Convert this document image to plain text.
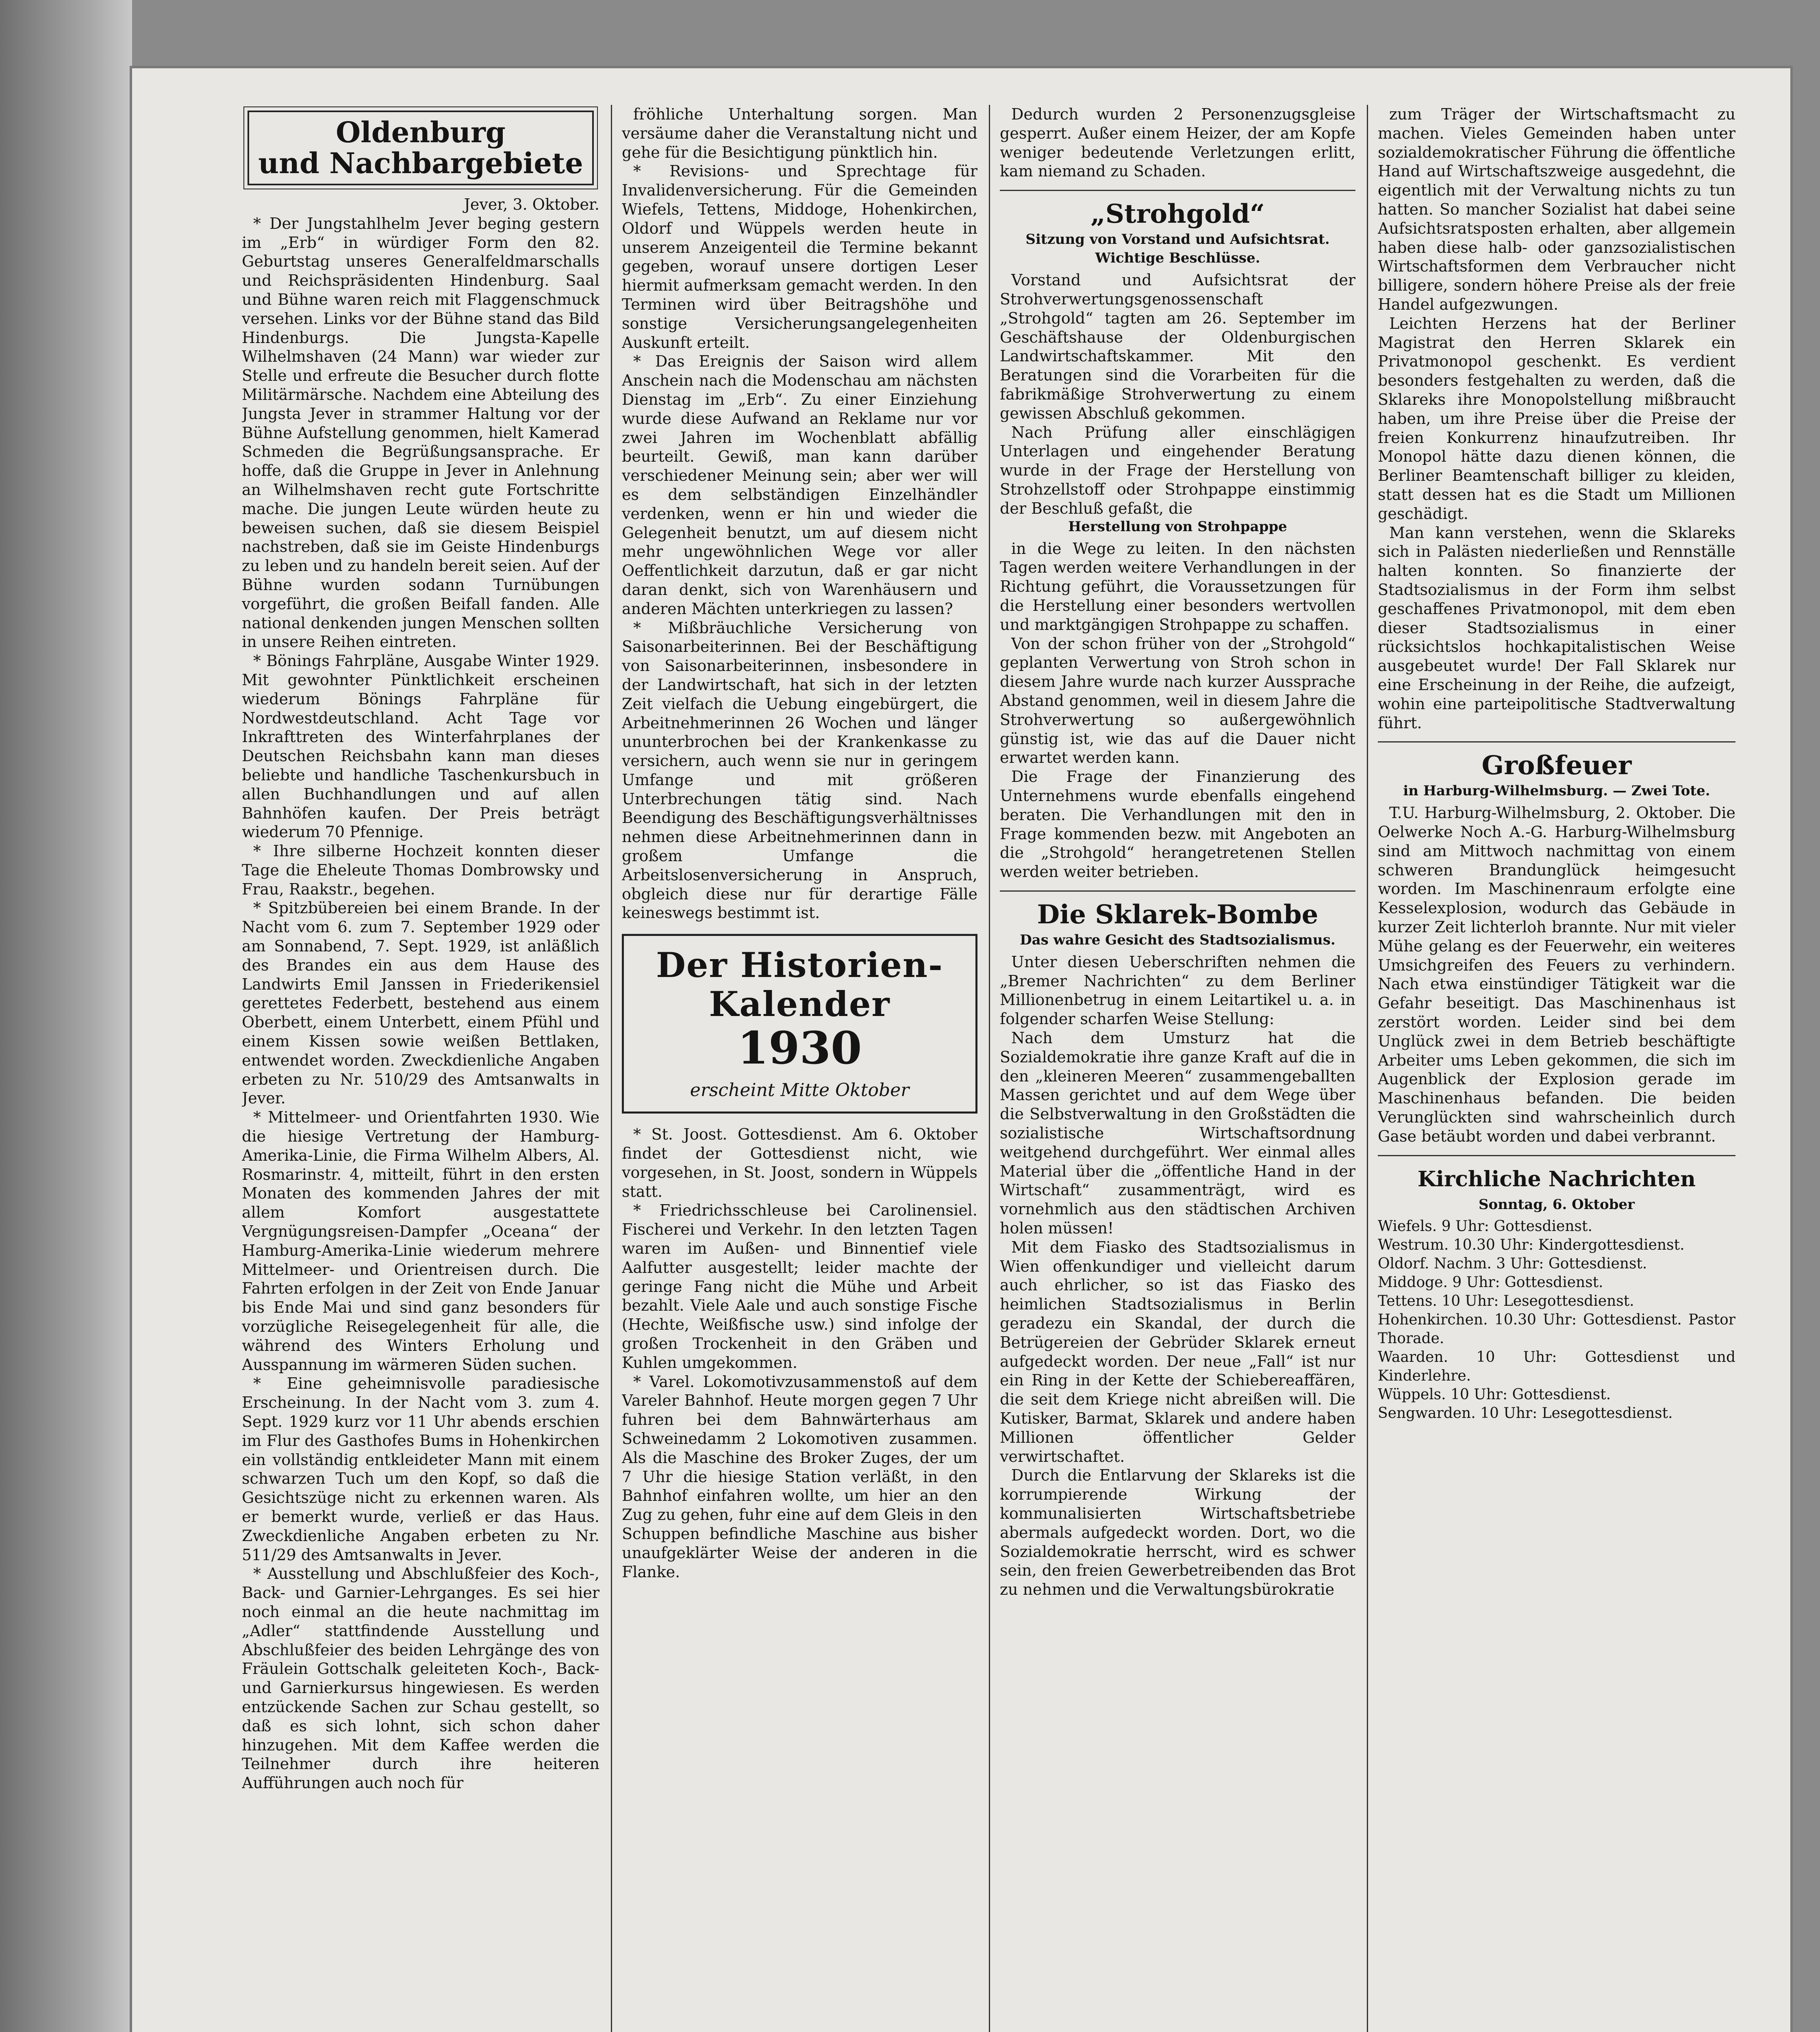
Oldenburg
und Nachbargebiete

Jever, 3. Oktober.

* Der Jungstahlhelm Jever beging gestern im „Erb“ in würdiger Form den 82. Geburtstag unseres Generalfeldmarschalls und Reichspräsidenten Hindenburg. Saal und Bühne waren reich mit Flaggenschmuck versehen. Links vor der Bühne stand das Bild Hindenburgs. Die Jungsta-Kapelle Wilhelmshaven (24 Mann) war wieder zur Stelle und erfreute die Besucher durch flotte Militärmärsche. Nachdem eine Abteilung des Jungsta Jever in strammer Haltung vor der Bühne Aufstellung genommen, hielt Kamerad Schmeden die Begrüßungsansprache. Er hoffe, daß die Gruppe in Jever in Anlehnung an Wilhelmshaven recht gute Fortschritte mache. Die jungen Leute würden heute zu beweisen suchen, daß sie diesem Beispiel nachstreben, daß sie im Geiste Hindenburgs zu leben und zu handeln bereit seien. Auf der Bühne wurden sodann Turnübungen vorgeführt, die großen Beifall fanden. Alle national denkenden jungen Menschen sollten in unsere Reihen eintreten.

* Bönings Fahrpläne, Ausgabe Winter 1929. Mit gewohnter Pünktlichkeit erscheinen wiederum Bönings Fahrpläne für Nordwestdeutschland. Acht Tage vor Inkrafttreten des Winterfahrplanes der Deutschen Reichsbahn kann man dieses beliebte und handliche Taschenkursbuch in allen Buchhandlungen und auf allen Bahnhöfen kaufen. Der Preis beträgt wiederum 70 Pfennige.

* Ihre silberne Hochzeit konnten dieser Tage die Eheleute Thomas Dombrowsky und Frau, Raakstr., begehen.

* Spitzbübereien bei einem Brande. In der Nacht vom 6. zum 7. September 1929 oder am Sonnabend, 7. Sept. 1929, ist anläßlich des Brandes ein aus dem Hause des Landwirts Emil Janssen in Friederikensiel gerettetes Federbett, bestehend aus einem Oberbett, einem Unterbett, einem Pfühl und einem Kissen sowie weißen Bettlaken, entwendet worden. Zweckdienliche Angaben erbeten zu Nr. 510/29 des Amtsanwalts in Jever.

* Mittelmeer- und Orientfahrten 1930. Wie die hiesige Vertretung der Hamburg-Amerika-Linie, die Firma Wilhelm Albers, Al. Rosmarinstr. 4, mitteilt, führt in den ersten Monaten des kommenden Jahres der mit allem Komfort ausgestattete Vergnügungsreisen-Dampfer „Oceana“ der Hamburg-Amerika-Linie wiederum mehrere Mittelmeer- und Orientreisen durch. Die Fahrten erfolgen in der Zeit von Ende Januar bis Ende Mai und sind ganz besonders für vorzügliche Reisegelegenheit für alle, die während des Winters Erholung und Ausspannung im wärmeren Süden suchen.

* Eine geheimnisvolle paradiesische Erscheinung. In der Nacht vom 3. zum 4. Sept. 1929 kurz vor 11 Uhr abends erschien im Flur des Gasthofes Bums in Hohenkirchen ein vollständig entkleideter Mann mit einem schwarzen Tuch um den Kopf, so daß die Gesichtszüge nicht zu erkennen waren. Als er bemerkt wurde, verließ er das Haus. Zweckdienliche Angaben erbeten zu Nr. 511/29 des Amtsanwalts in Jever.

* Ausstellung und Abschlußfeier des Koch-, Back- und Garnier-Lehrganges. Es sei hier noch einmal an die heute nachmittag im „Adler“ stattfindende Ausstellung und Abschlußfeier des beiden Lehrgänge des von Fräulein Gottschalk geleiteten Koch-, Back- und Garnierkursus hingewiesen. Es werden entzückende Sachen zur Schau gestellt, so daß es sich lohnt, sich schon daher hinzugehen. Mit dem Kaffee werden die Teilnehmer durch ihre heiteren Aufführungen auch noch für

fröhliche Unterhaltung sorgen. Man versäume daher die Veranstaltung nicht und gehe für die Besichtigung pünktlich hin.

* Revisions- und Sprechtage für Invalidenversicherung. Für die Gemeinden Wiefels, Tettens, Middoge, Hohenkirchen, Oldorf und Wüppels werden heute in unserem Anzeigenteil die Termine bekannt gegeben, worauf unsere dortigen Leser hiermit aufmerksam gemacht werden. In den Terminen wird über Beitragshöhe und sonstige Versicherungsangelegenheiten Auskunft erteilt.

* Das Ereignis der Saison wird allem Anschein nach die Modenschau am nächsten Dienstag im „Erb“. Zu einer Einziehung wurde diese Aufwand an Reklame nur vor zwei Jahren im Wochenblatt abfällig beurteilt. Gewiß, man kann darüber verschiedener Meinung sein; aber wer will es dem selbständigen Einzelhändler verdenken, wenn er hin und wieder die Gelegenheit benutzt, um auf diesem nicht mehr ungewöhnlichen Wege vor aller Oeffentlichkeit darzutun, daß er gar nicht daran denkt, sich von Warenhäusern und anderen Mächten unterkriegen zu lassen?

* Mißbräuchliche Versicherung von Saisonarbeiterinnen. Bei der Beschäftigung von Saisonarbeiterinnen, insbesondere in der Landwirtschaft, hat sich in der letzten Zeit vielfach die Uebung eingebürgert, die Arbeitnehmerinnen 26 Wochen und länger ununterbrochen bei der Krankenkasse zu versichern, auch wenn sie nur in geringem Umfange und mit größeren Unterbrechungen tätig sind. Nach Beendigung des Beschäftigungsverhältnisses nehmen diese Arbeitnehmerinnen dann in großem Umfange die Arbeitslosenversicherung in Anspruch, obgleich diese nur für derartige Fälle keineswegs bestimmt ist.

Der Historien-Kalender
1930
erscheint Mitte Oktober

* St. Joost. Gottesdienst. Am 6. Oktober findet der Gottesdienst nicht, wie vorgesehen, in St. Joost, sondern in Wüppels statt.

* Friedrichsschleuse bei Carolinensiel. Fischerei und Verkehr. In den letzten Tagen waren im Außen- und Binnentief viele Aalfutter ausgestellt; leider machte der geringe Fang nicht die Mühe und Arbeit bezahlt. Viele Aale und auch sonstige Fische (Hechte, Weißfische usw.) sind infolge der großen Trockenheit in den Gräben und Kuhlen umgekommen.

* Varel. Lokomotivzusammenstoß auf dem Vareler Bahnhof. Heute morgen gegen 7 Uhr fuhren bei dem Bahnwärterhaus am Schweinedamm 2 Lokomotiven zusammen. Als die Maschine des Broker Zuges, der um 7 Uhr die hiesige Station verläßt, in den Bahnhof einfahren wollte, um hier an den Zug zu gehen, fuhr eine auf dem Gleis in den Schuppen befindliche Maschine aus bisher unaufgeklärter Weise der anderen in die Flanke.

Dedurch wurden 2 Personenzugsgleise gesperrt. Außer einem Heizer, der am Kopfe weniger bedeutende Verletzungen erlitt, kam niemand zu Schaden.

„Strohgold“
Sitzung von Vorstand und Aufsichtsrat.
Wichtige Beschlüsse.

Vorstand und Aufsichtsrat der Strohverwertungsgenossenschaft „Strohgold“ tagten am 26. September im Geschäftshause der Oldenburgischen Landwirtschaftskammer. Mit den Beratungen sind die Vorarbeiten für die fabrikmäßige Strohverwertung zu einem gewissen Abschluß gekommen.

Nach Prüfung aller einschlägigen Unterlagen und eingehender Beratung wurde in der Frage der Herstellung von Strohzellstoff oder Strohpappe einstimmig der Beschluß gefaßt, die

Herstellung von Strohpappe

in die Wege zu leiten. In den nächsten Tagen werden weitere Verhandlungen in der Richtung geführt, die Voraussetzungen für die Herstellung einer besonders wertvollen und marktgängigen Strohpappe zu schaffen.

Von der schon früher von der „Strohgold“ geplanten Verwertung von Stroh schon in diesem Jahre wurde nach kurzer Aussprache Abstand genommen, weil in diesem Jahre die Strohverwertung so außergewöhnlich günstig ist, wie das auf die Dauer nicht erwartet werden kann.

Die Frage der Finanzierung des Unternehmens wurde ebenfalls eingehend beraten. Die Verhandlungen mit den in Frage kommenden bezw. mit Angeboten an die „Strohgold“ herangetretenen Stellen werden weiter betrieben.

Die Sklarek-Bombe
Das wahre Gesicht des Stadtsozialismus.

Unter diesen Ueberschriften nehmen die „Bremer Nachrichten“ zu dem Berliner Millionenbetrug in einem Leitartikel u. a. in folgender scharfen Weise Stellung:

Nach dem Umsturz hat die Sozialdemokratie ihre ganze Kraft auf die in den „kleineren Meeren“ zusammengeballten Massen gerichtet und auf dem Wege über die Selbstverwaltung in den Großstädten die sozialistische Wirtschaftsordnung weitgehend durchgeführt. Wer einmal alles Material über die „öffentliche Hand in der Wirtschaft“ zusammenträgt, wird es vornehmlich aus den städtischen Archiven holen müssen!

Mit dem Fiasko des Stadtsozialismus in Wien offenkundiger und vielleicht darum auch ehrlicher, so ist das Fiasko des heimlichen Stadtsozialismus in Berlin geradezu ein Skandal, der durch die Betrügereien der Gebrüder Sklarek erneut aufgedeckt worden. Der neue „Fall“ ist nur ein Ring in der Kette der Schiebereaffären, die seit dem Kriege nicht abreißen will. Die Kutisker, Barmat, Sklarek und andere haben Millionen öffentlicher Gelder verwirtschaftet.

Durch die Entlarvung der Sklareks ist die korrumpierende Wirkung der kommunalisierten Wirtschaftsbetriebe abermals aufgedeckt worden. Dort, wo die Sozialdemokratie herrscht, wird es schwer sein, den freien Gewerbetreibenden das Brot zu nehmen und die Verwaltungsbürokratie

zum Träger der Wirtschaftsmacht zu machen. Vieles Gemeinden haben unter sozialdemokratischer Führung die öffentliche Hand auf Wirtschaftszweige ausgedehnt, die eigentlich mit der Verwaltung nichts zu tun hatten. So mancher Sozialist hat dabei seine Aufsichtsratsposten erhalten, aber allgemein haben diese halb- oder ganzsozialistischen Wirtschaftsformen dem Verbraucher nicht billigere, sondern höhere Preise als der freie Handel aufgezwungen.

Leichten Herzens hat der Berliner Magistrat den Herren Sklarek ein Privatmonopol geschenkt. Es verdient besonders festgehalten zu werden, daß die Sklareks ihre Monopolstellung mißbraucht haben, um ihre Preise über die Preise der freien Konkurrenz hinaufzutreiben. Ihr Monopol hätte dazu dienen können, die Berliner Beamtenschaft billiger zu kleiden, statt dessen hat es die Stadt um Millionen geschädigt.

Man kann verstehen, wenn die Sklareks sich in Palästen niederließen und Rennställe halten konnten. So finanzierte der Stadtsozialismus in der Form ihm selbst geschaffenes Privatmonopol, mit dem eben dieser Stadtsozialismus in einer rücksichtslos hochkapitalistischen Weise ausgebeutet wurde! Der Fall Sklarek nur eine Erscheinung in der Reihe, die aufzeigt, wohin eine parteipolitische Stadtverwaltung führt.

Großfeuer
in Harburg-Wilhelmsburg. — Zwei Tote.

T.U. Harburg-Wilhelmsburg, 2. Oktober. Die Oelwerke Noch A.-G. Harburg-Wilhelmsburg sind am Mittwoch nachmittag von einem schweren Brandunglück heimgesucht worden. Im Maschinenraum erfolgte eine Kesselexplosion, wodurch das Gebäude in kurzer Zeit lichterloh brannte. Nur mit vieler Mühe gelang es der Feuerwehr, ein weiteres Umsichgreifen des Feuers zu verhindern. Nach etwa einstündiger Tätigkeit war die Gefahr beseitigt. Das Maschinenhaus ist zerstört worden. Leider sind bei dem Unglück zwei in dem Betrieb beschäftigte Arbeiter ums Leben gekommen, die sich im Augenblick der Explosion gerade im Maschinenhaus befanden. Die beiden Verunglückten sind wahrscheinlich durch Gase betäubt worden und dabei verbrannt.

Kirchliche Nachrichten
Sonntag, 6. Oktober
Wiefels. 9 Uhr: Gottesdienst.
Westrum. 10.30 Uhr: Kindergottesdienst.
Oldorf. Nachm. 3 Uhr: Gottesdienst.
Middoge. 9 Uhr: Gottesdienst.
Tettens. 10 Uhr: Lesegottesdienst.
Hohenkirchen. 10.30 Uhr: Gottesdienst. Pastor Thorade.
Waarden. 10 Uhr: Gottesdienst und Kinderlehre.
Wüppels. 10 Uhr: Gottesdienst.
Sengwarden. 10 Uhr: Lesegottesdienst.
